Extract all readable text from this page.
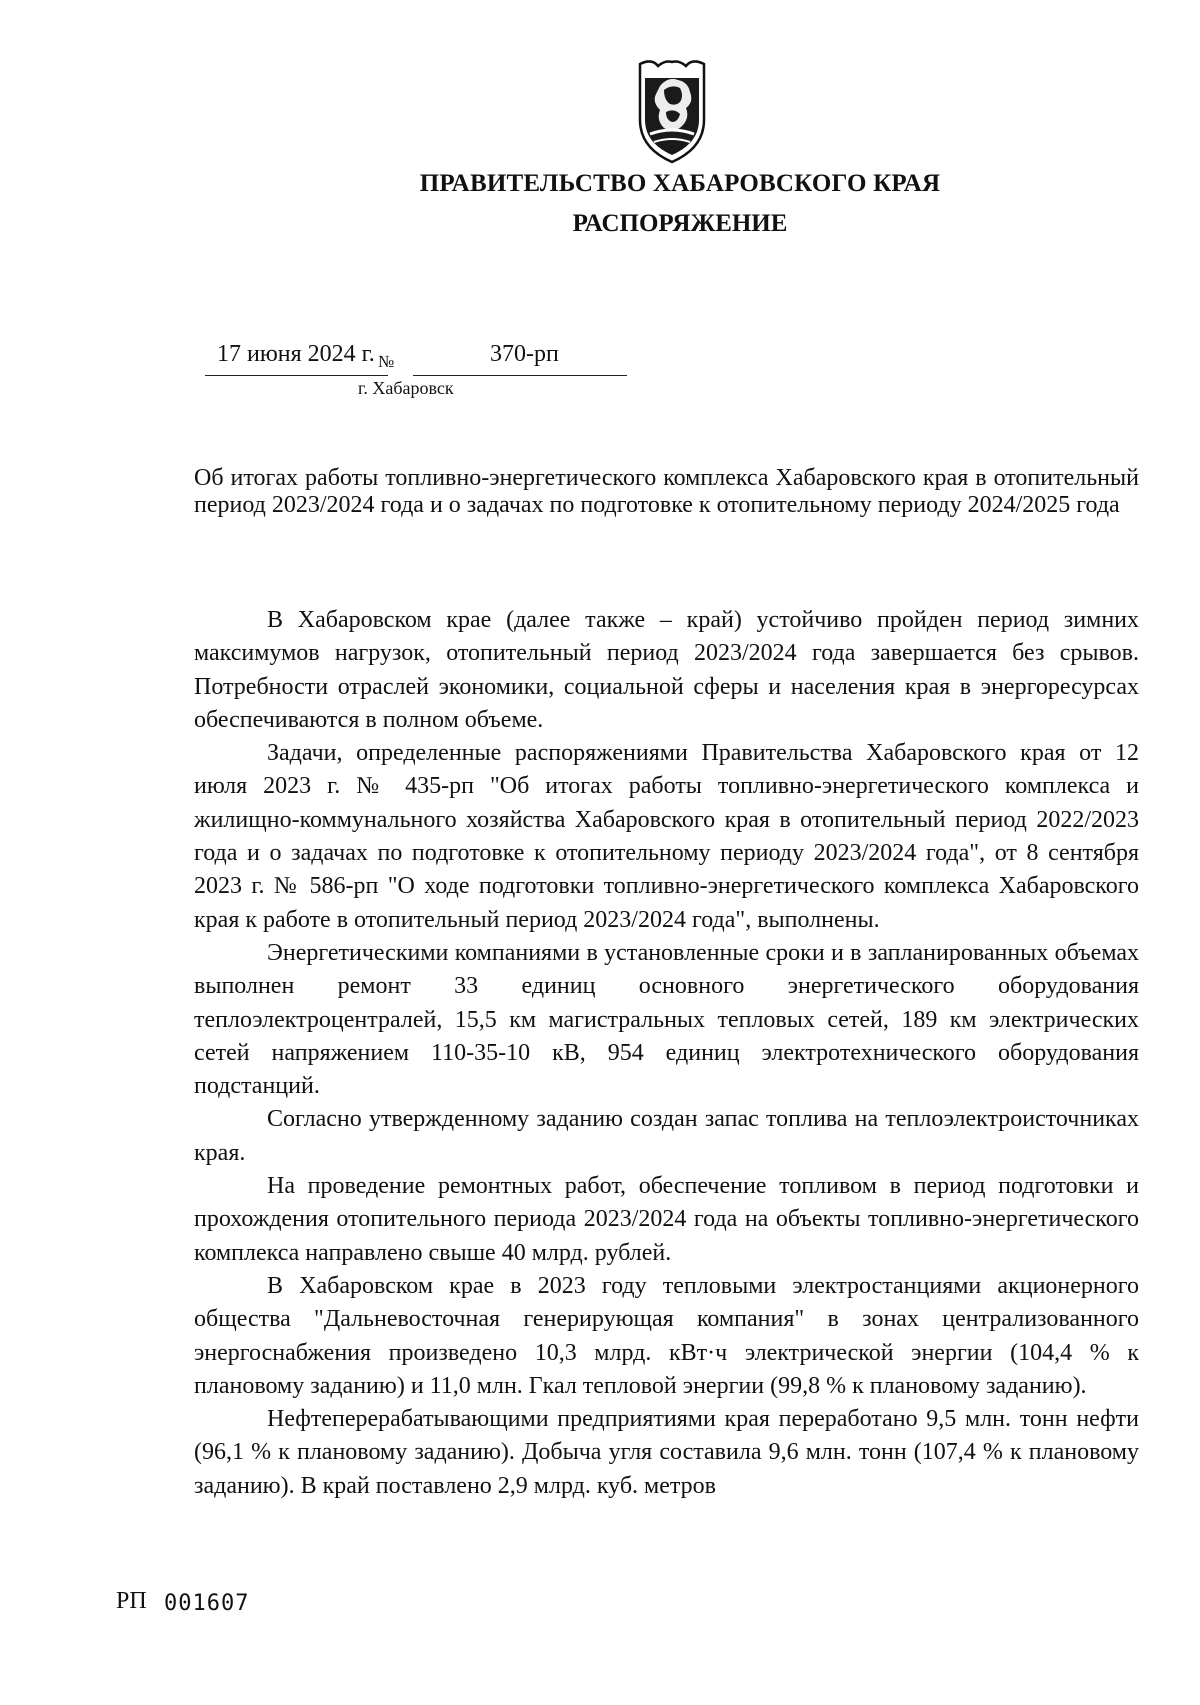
ПРАВИТЕЛЬСТВО ХАБАРОВСКОГО КРАЯ
РАСПОРЯЖЕНИЕ
17 июня 2024 г. №	370-рп
г. Хабаровск
Об итогах работы топливно-энергетического комплекса Хабаровского края в отопительный период 2023/2024 года и о задачах по подготовке к отопительному периоду 2024/2025 года

В Хабаровском крае (далее также – край) устойчиво пройден период зимних максимумов нагрузок, отопительный период 2023/2024 года завершается без срывов. Потребности отраслей экономики, социальной сферы и населения края в энергоресурсах обеспечиваются в полном объеме.

Задачи, определенные распоряжениями Правительства Хабаровского края от 12 июля 2023 г. № 435-рп "Об итогах работы топливно-энергетического комплекса и жилищно-коммунального хозяйства Хабаровского края в отопительный период 2022/2023 года и о задачах по подготовке к отопительному периоду 2023/2024 года", от 8 сентября 2023 г. № 586-рп "О ходе подготовки топливно-энергетического комплекса Хабаровского края к работе в отопительный период 2023/2024 года", выполнены.

Энергетическими компаниями в установленные сроки и в запланированных объемах выполнен ремонт 33 единиц основного энергетического оборудования теплоэлектроцентралей, 15,5 км магистральных тепловых сетей, 189 км электрических сетей напряжением 110-35-10 кВ, 954 единиц электротехнического оборудования подстанций.

Согласно утвержденному заданию создан запас топлива на теплоэлектроисточниках края.

На проведение ремонтных работ, обеспечение топливом в период подготовки и прохождения отопительного периода 2023/2024 года на объекты топливно-энергетического комплекса направлено свыше 40 млрд. рублей.

В Хабаровском крае в 2023 году тепловыми электростанциями акционерного общества "Дальневосточная генерирующая компания" в зонах централизованного энергоснабжения произведено 10,3 млрд. кВт·ч электрической энергии (104,4 % к плановому заданию) и 11,0 млн. Гкал тепловой энергии (99,8 % к плановому заданию).

Нефтеперерабатывающими предприятиями края переработано 9,5 млн. тонн нефти (96,1 % к плановому заданию). Добыча угля составила 9,6 млн. тонн (107,4 % к плановому заданию). В край поставлено 2,9 млрд. куб. метров

РП 001607
